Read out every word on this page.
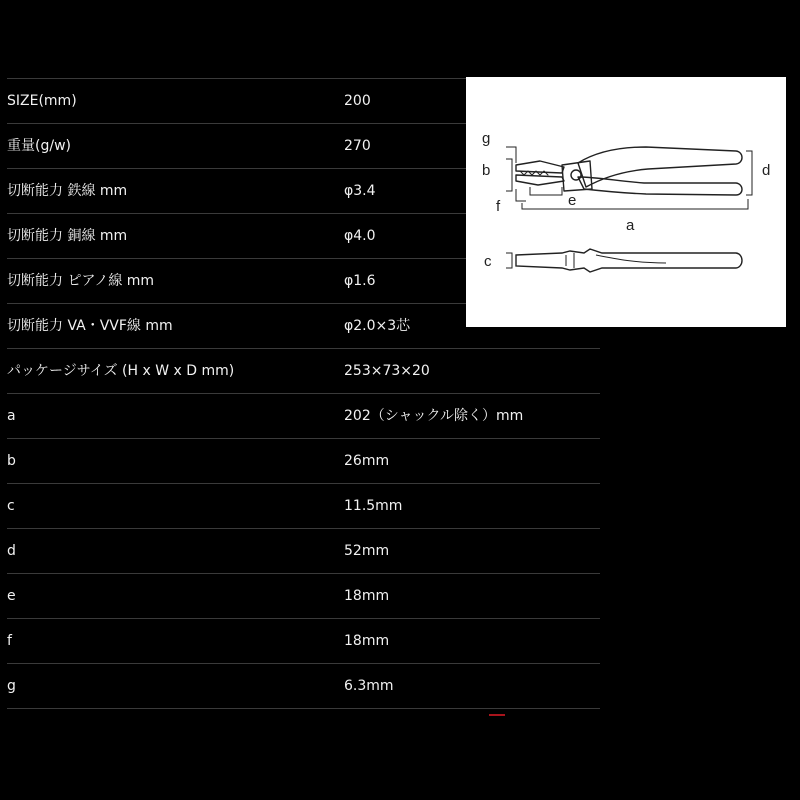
SIZE(mm)	200
重量(g/w)	270
切断能力 鉄線 mm	φ3.4
切断能力 銅線 mm	φ4.0
切断能力 ピアノ線 mm	φ1.6
切断能力 VA・VVF線 mm	φ2.0×3芯
パッケージサイズ (H x W x D mm)	253×73×20
a	202（シャックル除く）mm
b	26mm
c	11.5mm
d	52mm
e	18mm
f	18mm
g	6.3mm
g
b	d
f	e
a
c
